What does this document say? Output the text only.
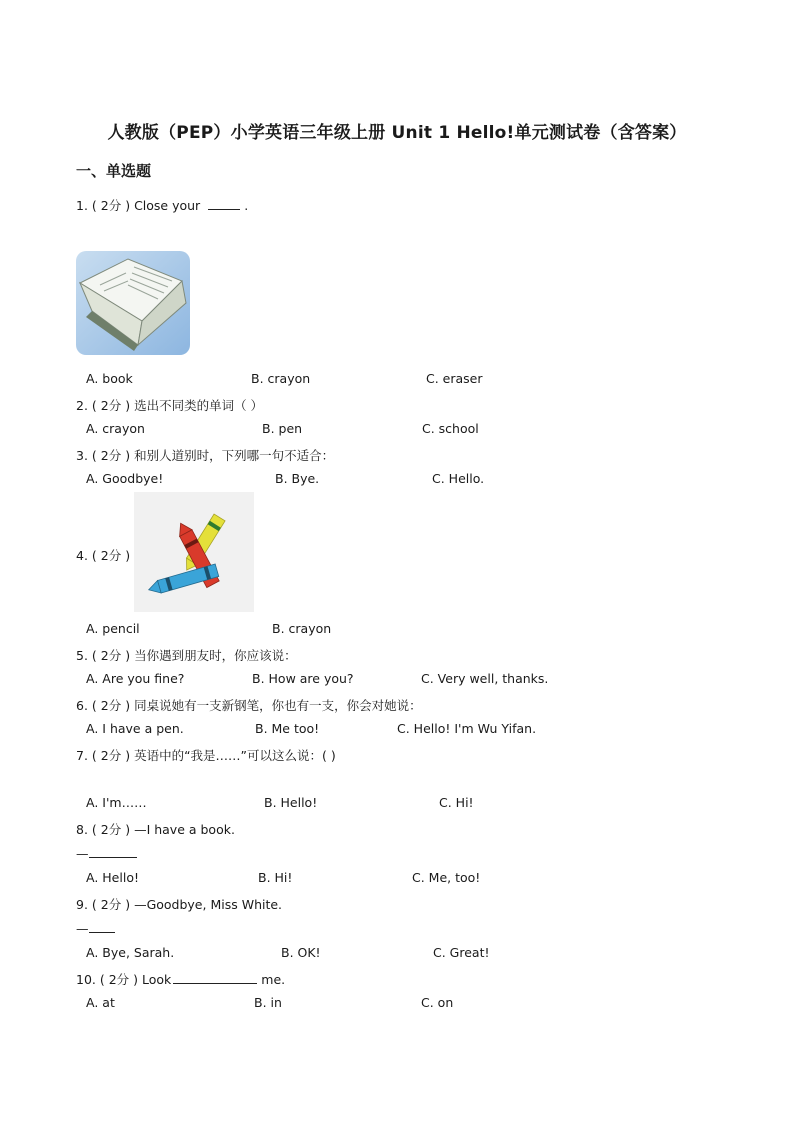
人教版（PEP）小学英语三年级上册 Unit 1 Hello!单元测试卷（含答案）
一、单选题
1. ( 2分 ) Close your	.
A. book	B. crayon	C. eraser
2. ( 2分 ) 选出不同类的单词（ ）
A. crayon	B. pen	C. school
3. ( 2分 ) 和别人道别时，下列哪一句不适合：
A. Goodbye!	B. Bye.	C. Hello.
4. ( 2分 )
A. pencil	B. crayon
5. ( 2分 ) 当你遇到朋友时，你应该说：
A. Are you fine?	B. How are you?	C. Very well, thanks.
6. ( 2分 ) 同桌说她有一支新钢笔，你也有一支，你会对她说：
A. I have a pen.	B. Me too!	C. Hello! I'm Wu Yifan.
7. ( 2分 ) 英语中的“我是……”可以这么说：( )
A. I'm……	B. Hello!	C. Hi!
8. ( 2分 ) —I have a book.
—
A. Hello!	B. Hi!	C. Me, too!
9. ( 2分 ) —Goodbye, Miss White.
—
A. Bye, Sarah.	B. OK!	C. Great!
10. ( 2分 ) Look	me.
A. at	B. in	C. on
